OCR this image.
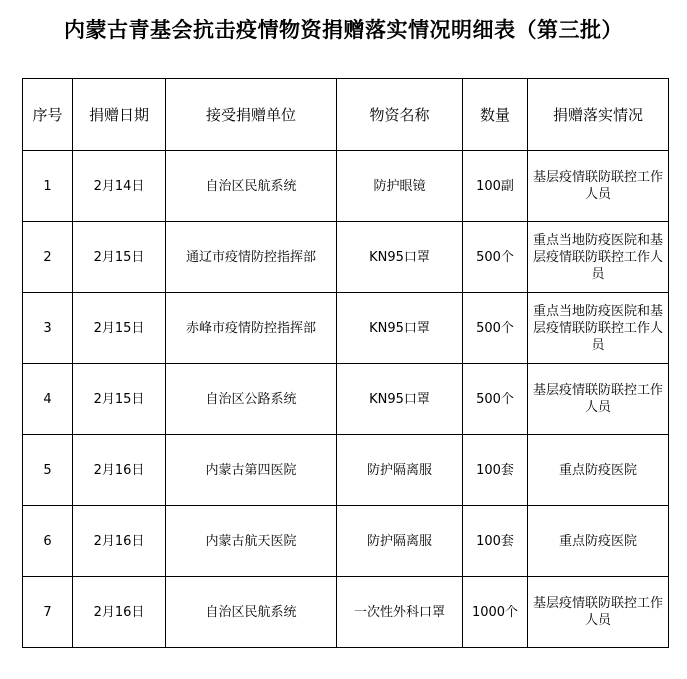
内蒙古青基会抗击疫情物资捐赠落实情况明细表（第三批）
序号	捐赠日期	接受捐赠单位	物资名称	数量	捐赠落实情况
1	2月14日	自治区民航系统	防护眼镜	100副	基层疫情联防联控工作人员
2	2月15日	通辽市疫情防控指挥部	KN95口罩	500个	重点当地防疫医院和基层疫情联防联控工作人员
3	2月15日	赤峰市疫情防控指挥部	KN95口罩	500个	重点当地防疫医院和基层疫情联防联控工作人员
4	2月15日	自治区公路系统	KN95口罩	500个	基层疫情联防联控工作人员
5	2月16日	内蒙古第四医院	防护隔离服	100套	重点防疫医院
6	2月16日	内蒙古航天医院	防护隔离服	100套	重点防疫医院
7	2月16日	自治区民航系统	一次性外科口罩	1000个	基层疫情联防联控工作人员
